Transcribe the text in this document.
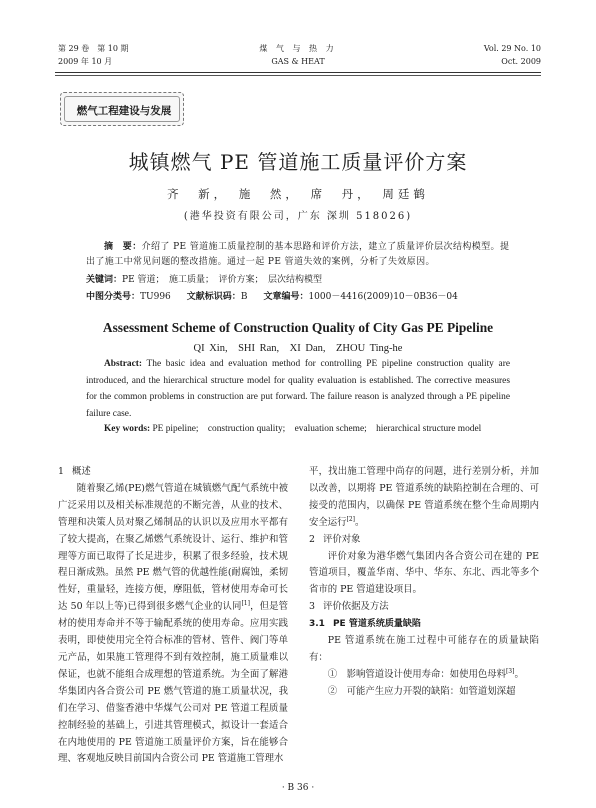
第 29 卷　第 10 期
2009 年 10 月
煤 气 与 热 力
GAS & HEAT
Vol. 29 No. 10
Oct. 2009
燃气工程建设与发展
城镇燃气 PE 管道施工质量评价方案
齐　新，　施　然，　席　丹，　周廷鹤
(港华投资有限公司，广东 深圳 518026)
摘　要：介绍了 PE 管道施工质量控制的基本思路和评价方法，建立了质量评价层次结构模型。提出了施工中常见问题的整改措施。通过一起 PE 管道失效的案例，分析了失效原因。
关键词：PE 管道；　施工质量；　评价方案；　层次结构模型
中图分类号：TU996 文献标识码：B 文章编号：1000－4416(2009)10－0B36－04
Assessment Scheme of Construction Quality of City Gas PE Pipeline
QI Xin,　SHI Ran,　XI Dan,　ZHOU Ting-he
Abstract: The basic idea and evaluation method for controlling PE pipeline construction quality are introduced, and the hierarchical structure model for quality evaluation is established. The corrective measures for the common problems in construction are put forward. The failure reason is analyzed through a PE pipeline failure case.
Key words: PE pipeline;　construction quality;　evaluation scheme;　hierarchical structure model

1 概述

随着聚乙烯(PE)燃气管道在城镇燃气配气系统中被广泛采用以及相关标准规范的不断完善，从业的技术、管理和决策人员对聚乙烯制品的认识以及应用水平都有了较大提高，在聚乙烯燃气系统设计、运行、维护和管理等方面已取得了长足进步，积累了很多经验，技术规程日渐成熟。虽然 PE 燃气管的优越性能(耐腐蚀，柔韧性好，重量轻，连接方便，摩阻低，管材使用寿命可长达 50 年以上等)已得到很多燃气企业的认同[1]，但是管材的使用寿命并不等于输配系统的使用寿命。应用实践表明，即使使用完全符合标准的管材、管件、阀门等单元产品，如果施工管理得不到有效控制，施工质量难以保证，也就不能组合成理想的管道系统。为全面了解港华集团内各合资公司 PE 燃气管道的施工质量状况，我们在学习、借鉴香港中华煤气公司对 PE 管道工程质量控制经验的基础上，引进其管理模式，拟设计一套适合在内地使用的 PE 管道施工质量评价方案，旨在能够合理、客观地反映目前国内合资公司 PE 管道施工管理水

平，找出施工管理中尚存的问题，进行差别分析，并加以改善，以期将 PE 管道系统的缺陷控制在合理的、可接受的范围内，以确保 PE 管道系统在整个生命周期内安全运行[2]。

2 评价对象

评价对象为港华燃气集团内各合资公司在建的 PE 管道项目，覆盖华南、华中、华东、东北、西北等多个省市的 PE 管道建设项目。

3 评价依据及方法

3.1 PE 管道系统质量缺陷

PE 管道系统在施工过程中可能存在的质量缺陷有：

①　 影响管道设计使用寿命：如使用色母料[3]。

②　 可能产生应力开裂的缺陷：如管道划深超

· B 36 ·
